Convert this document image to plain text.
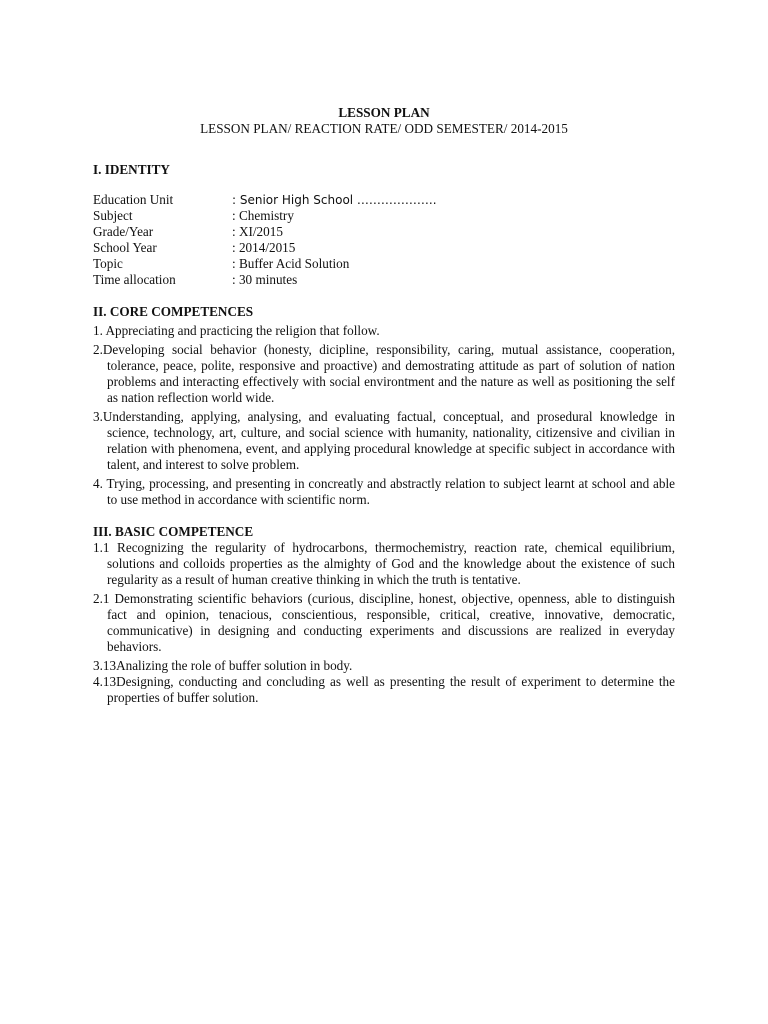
LESSON PLAN

LESSON PLAN/ REACTION RATE/ ODD SEMESTER/ 2014-2015

I. IDENTITY

Education Unit	: Senior High School ………………..
Subject	: Chemistry
Grade/Year	: XI/2015
School Year	: 2014/2015
Topic	: Buffer Acid Solution
Time allocation	: 30 minutes

II. CORE COMPETENCES

1. Appreciating and practicing the religion that follow.

2.Developing social behavior (honesty, dicipline, responsibility, caring, mutual assistance, cooperation, tolerance, peace, polite, responsive and proactive) and demostrating attitude as part of solution of nation problems and interacting effectively with social environtment and the nature as well as positioning the self as nation reflection world wide.

3.Understanding, applying, analysing, and evaluating factual, conceptual, and prosedural knowledge in science, technology, art, culture, and social science with humanity, nationality, citizensive and civilian in relation with phenomena, event, and applying procedural knowledge at specific subject in accordance with talent, and interest to solve problem.

4. Trying, processing, and presenting in concreatly and abstractly relation to subject learnt at school and able to use method in accordance with scientific norm.

III. BASIC COMPETENCE

1.1 Recognizing the regularity of hydrocarbons, thermochemistry, reaction rate, chemical equilibrium, solutions and colloids properties as the almighty of God and the knowledge about the existence of such regularity as a result of human creative thinking in which the truth is tentative.

2.1 Demonstrating scientific behaviors (curious, discipline, honest, objective, openness, able to distinguish fact and opinion, tenacious, conscientious, responsible, critical, creative, innovative, democratic, communicative) in designing and conducting experiments and discussions are realized in everyday behaviors.

3.13Analizing the role of buffer solution in body.

4.13Designing, conducting and concluding as well as presenting the result of experiment to determine the properties of buffer solution.
